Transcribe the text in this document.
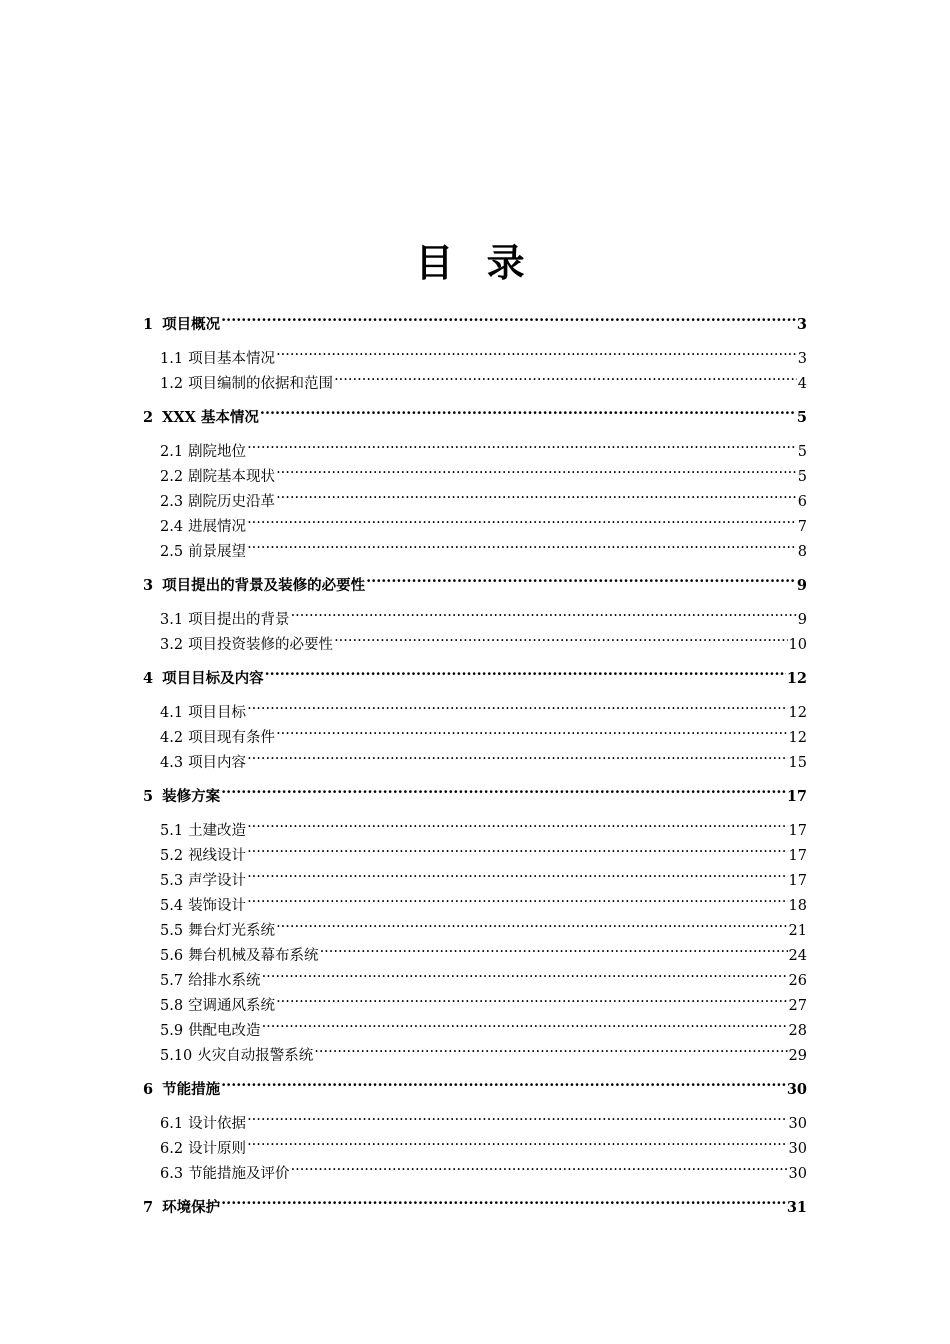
目 录
1 项目概况 .....	3
1.1 项目基本情况 .....	3
1.2 项目编制的依据和范围 .....	4
2 XXX 基本情况 .....	5
2.1 剧院地位 .....	5
2.2 剧院基本现状 .....	5
2.3 剧院历史沿革 .....	6
2.4 进展情况 .....	7
2.5 前景展望 .....	8
3 项目提出的背景及装修的必要性 .....	9
3.1 项目提出的背景 .....	9
3.2 项目投资装修的必要性 .....	10
4 项目目标及内容 .....	12
4.1 项目目标 .....	12
4.2 项目现有条件 .....	12
4.3 项目内容 .....	15
5 装修方案 .....	17
5.1 土建改造 .....	17
5.2 视线设计 .....	17
5.3 声学设计 .....	17
5.4 装饰设计 .....	18
5.5 舞台灯光系统 .....	21
5.6 舞台机械及幕布系统 .....	24
5.7 给排水系统 .....	26
5.8 空调通风系统 .....	27
5.9 供配电改造 .....	28
5.10 火灾自动报警系统 .....	29
6 节能措施 .....	30
6.1 设计依据 .....	30
6.2 设计原则 .....	30
6.3 节能措施及评价 .....	30
7 环境保护 .....	31
